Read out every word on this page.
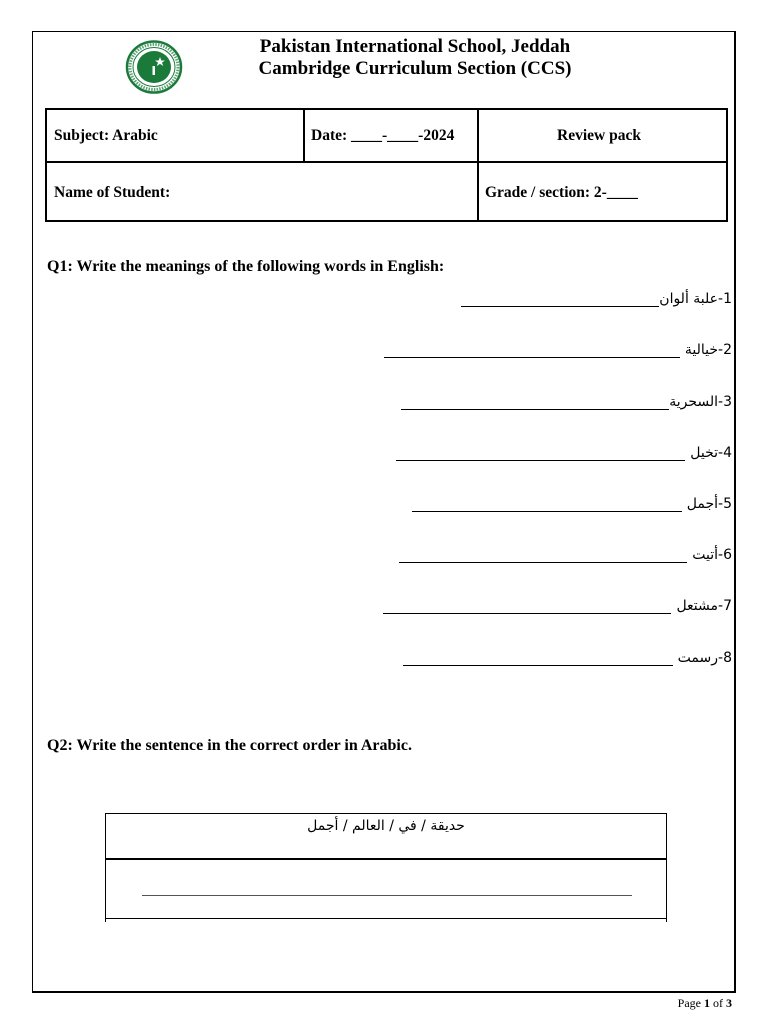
Pakistan International School, Jeddah
Cambridge Curriculum Section (CCS)
Subject: Arabic	Date: ____-____-2024	Review pack
Name of Student:	Grade / section: 2-____
Q1: Write the meanings of the following words in English:
1-
علبة ألوان
2-
خيالية
3-
السحرية
4-
تخيل
5-
أجمل
6-
أتيت
7-
مشتعل
8-
رسمت
Q2: Write the sentence in the correct order in Arabic.
حديقة / في / العالم / أجمل
Page 1 of 3
